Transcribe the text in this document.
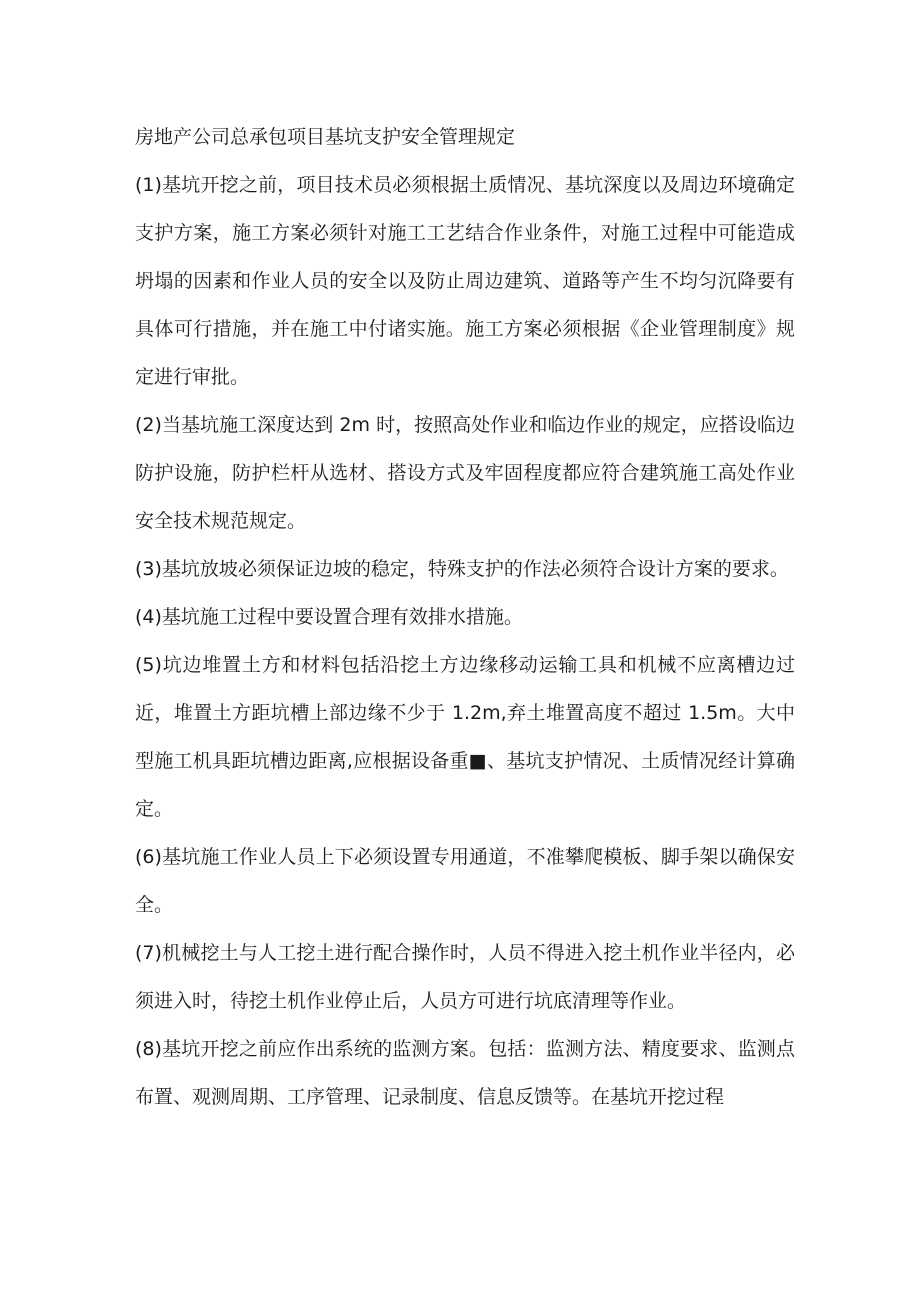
房地产公司总承包项目基坑支护安全管理规定

(1)基坑开挖之前，项目技术员必须根据土质情况、基坑深度以及周边环境确定支护方案，施工方案必须针对施工工艺结合作业条件，对施工过程中可能造成坍塌的因素和作业人员的安全以及防止周边建筑、道路等产生不均匀沉降要有具体可行措施，并在施工中付诸实施。施工方案必须根据《企业管理制度》规定进行审批。

(2)当基坑施工深度达到 2m 时，按照高处作业和临边作业的规定，应搭设临边防护设施，防护栏杆从选材、搭设方式及牢固程度都应符合建筑施工高处作业安全技术规范规定。

(3)基坑放坡必须保证边坡的稳定，特殊支护的作法必须符合设计方案的要求。

(4)基坑施工过程中要设置合理有效排水措施。

(5)坑边堆置土方和材料包括沿挖土方边缘移动运输工具和机械不应离槽边过近，堆置土方距坑槽上部边缘不少于 1.2m,弃土堆置高度不超过 1.5m。大中型施工机具距坑槽边距离,应根据设备重■、基坑支护情况、土质情况经计算确定。

(6)基坑施工作业人员上下必须设置专用通道，不准攀爬模板、脚手架以确保安全。

(7)机械挖土与人工挖土进行配合操作时，人员不得进入挖土机作业半径内，必须进入时，待挖土机作业停止后，人员方可进行坑底清理等作业。

(8)基坑开挖之前应作出系统的监测方案。包括：监测方法、精度要求、监测点布置、观测周期、工序管理、记录制度、信息反馈等。在基坑开挖过程
